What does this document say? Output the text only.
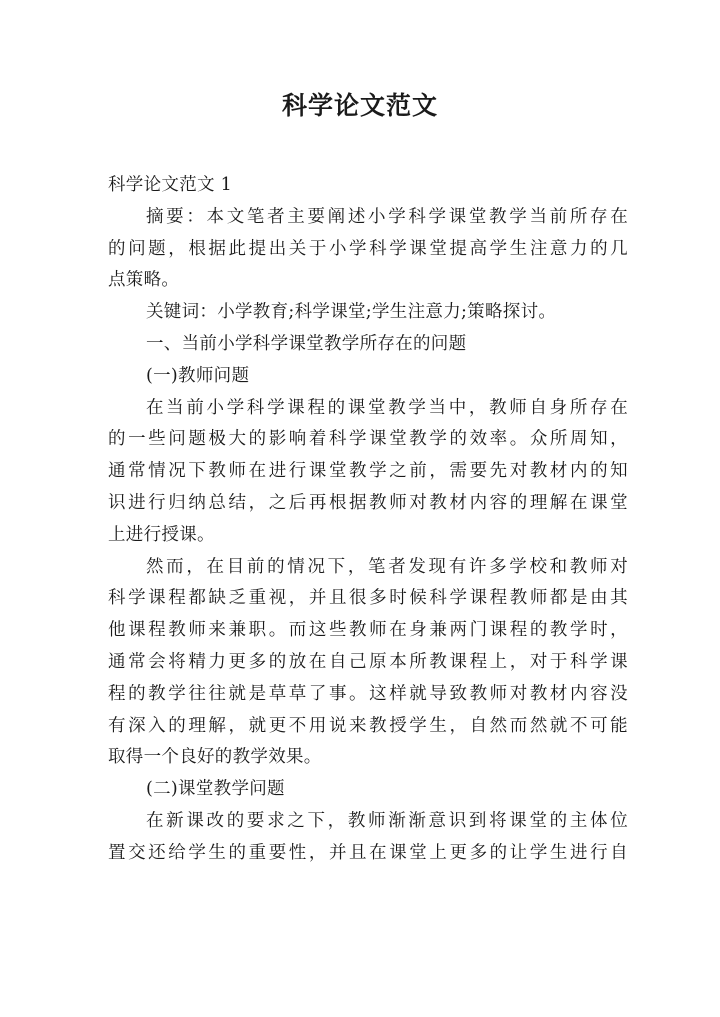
科学论文范文
科学论文范文 1
摘要：本文笔者主要阐述小学科学课堂教学当前所存在
的问题，根据此提出关于小学科学课堂提高学生注意力的几
点策略。
关键词：小学教育;科学课堂;学生注意力;策略探讨。
一、当前小学科学课堂教学所存在的问题
(一)教师问题
在当前小学科学课程的课堂教学当中，教师自身所存在
的一些问题极大的影响着科学课堂教学的效率。众所周知，
通常情况下教师在进行课堂教学之前，需要先对教材内的知
识进行归纳总结，之后再根据教师对教材内容的理解在课堂
上进行授课。
然而，在目前的情况下，笔者发现有许多学校和教师对
科学课程都缺乏重视，并且很多时候科学课程教师都是由其
他课程教师来兼职。而这些教师在身兼两门课程的教学时，
通常会将精力更多的放在自己原本所教课程上，对于科学课
程的教学往往就是草草了事。这样就导致教师对教材内容没
有深入的理解，就更不用说来教授学生，自然而然就不可能
取得一个良好的教学效果。
(二)课堂教学问题
在新课改的要求之下，教师渐渐意识到将课堂的主体位
置交还给学生的重要性，并且在课堂上更多的让学生进行自
